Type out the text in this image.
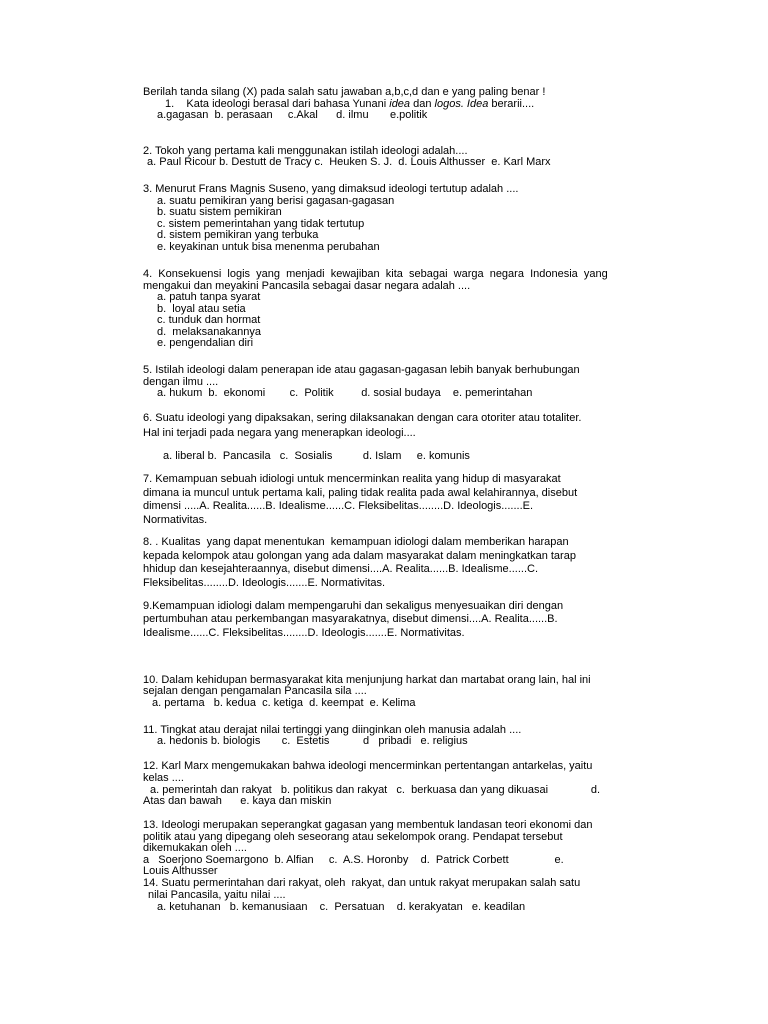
Berilah tanda silang (X) pada salah satu jawaban a,b,c,d dan e yang paling benar !
1.    Kata ideologi berasal dari bahasa Yunani idea dan logos. Idea berarii....
a.gagasan  b. perasaan     c.Akal      d. ilmu       e.politik
2. Tokoh yang pertama kali menggunakan istilah ideologi adalah....
a. Paul Ricour b. Destutt de Tracy c.  Heuken S. J.  d. Louis Althusser  e. Karl Marx
3. Menurut Frans Magnis Suseno, yang dimaksud ideologi tertutup adalah ....
a. suatu pemikiran yang berisi gagasan-gagasan
b. suatu sistem pemikiran
c. sistem pemerintahan yang tidak tertutup
d. sistem pemikiran yang terbuka
e. keyakinan untuk bisa menenma perubahan
4.  Konsekuensi  logis  yang  menjadi  kewajiban  kita  sebagai  warga  negara  Indonesia  yang
mengakui dan meyakini Pancasila sebagai dasar negara adalah ....
a. patuh tanpa syarat
b.  loyal atau setia
c. tunduk dan hormat
d.  melaksanakannya
e. pengendalian diri
5. Istilah ideologi dalam penerapan ide atau gagasan-gagasan lebih banyak berhubungan
dengan ilmu ....
a. hukum  b.  ekonomi        c.  Politik         d. sosial budaya    e. pemerintahan
6. Suatu ideologi yang dipaksakan, sering dilaksanakan dengan cara otoriter atau totaliter.
Hal ini terjadi pada negara yang menerapkan ideologi....
a. liberal b.  Pancasila   c.  Sosialis          d. Islam     e. komunis
7. Kemampuan sebuah idiologi untuk mencerminkan realita yang hidup di masyarakat
dimana ia muncul untuk pertama kali, paling tidak realita pada awal kelahirannya, disebut
dimensi .....A. Realita......B. Idealisme......C. Fleksibelitas........D. Ideologis.......E.
Normativitas.
8. . Kualitas  yang dapat menentukan  kemampuan idiologi dalam memberikan harapan
kepada kelompok atau golongan yang ada dalam masyarakat dalam meningkatkan tarap
hhidup dan kesejahteraannya, disebut dimensi....A. Realita......B. Idealisme......C.
Fleksibelitas........D. Ideologis.......E. Normativitas.
9.Kemampuan idiologi dalam mempengaruhi dan sekaligus menyesuaikan diri dengan
pertumbuhan atau perkembangan masyarakatnya, disebut dimensi....A. Realita......B.
Idealisme......C. Fleksibelitas........D. Ideologis.......E. Normativitas.
10. Dalam kehidupan bermasyarakat kita menjunjung harkat dan martabat orang lain, hal ini
sejalan dengan pengamalan Pancasila sila ....
a. pertama   b. kedua  c. ketiga  d. keempat  e. Kelima
11. Tingkat atau derajat nilai tertinggi yang diinginkan oleh manusia adalah ....
a. hedonis b. biologis       c.  Estetis           d   pribadi   e. religius
12. Karl Marx mengemukakan bahwa ideologi mencerminkan pertentangan antarkelas, yaitu
kelas ....
a. pemerintah dan rakyat   b. politikus dan rakyat   c.  berkuasa dan yang dikuasai              d.
Atas dan bawah      e. kaya dan miskin
13. Ideologi merupakan seperangkat gagasan yang membentuk landasan teori ekonomi dan
politik atau yang dipegang oleh seseorang atau sekelompok orang. Pendapat tersebut
dikemukakan oleh ....
a   Soerjono Soemargono  b. Alfian     c.  A.S. Horonby    d.  Patrick Corbett               e.
Louis Althusser
14. Suatu permerintahan dari rakyat, oleh  rakyat, dan untuk rakyat merupakan salah satu
nilai Pancasila, yaitu nilai ....
a. ketuhanan   b. kemanusiaan    c.  Persatuan    d. kerakyatan   e. keadilan
